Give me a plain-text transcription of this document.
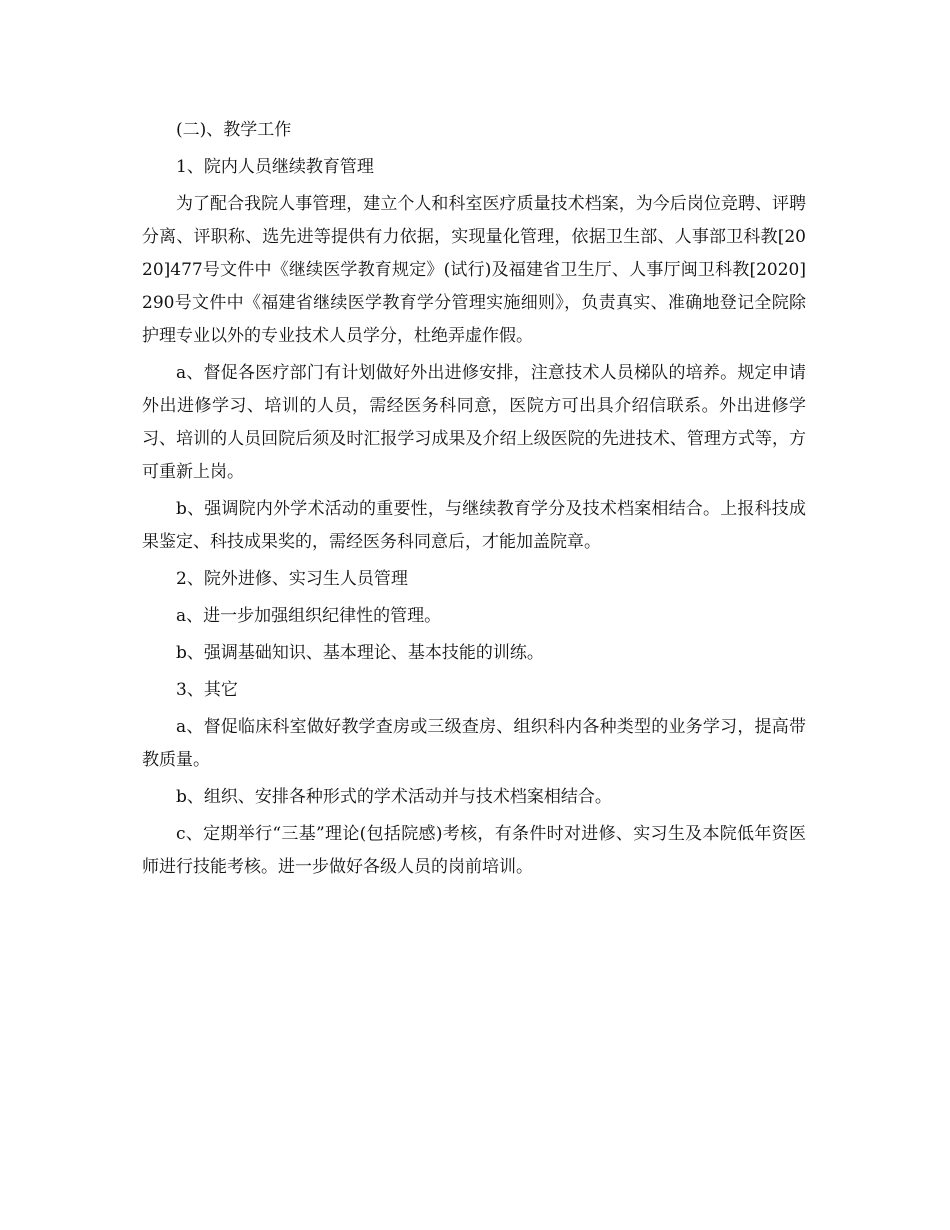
(二)、教学工作

1、院内人员继续教育管理

为了配合我院人事管理，建立个人和科室医疗质量技术档案，为今后岗位竞聘、评聘分离、评职称、选先进等提供有力依据，实现量化管理，依据卫生部、人事部卫科教[2020]477号文件中《继续医学教育规定》(试行)及福建省卫生厅、人事厅闽卫科教[2020]290号文件中《福建省继续医学教育学分管理实施细则》，负责真实、准确地登记全院除护理专业以外的专业技术人员学分，杜绝弄虚作假。

a、督促各医疗部门有计划做好外出进修安排，注意技术人员梯队的培养。规定申请外出进修学习、培训的人员，需经医务科同意，医院方可出具介绍信联系。外出进修学习、培训的人员回院后须及时汇报学习成果及介绍上级医院的先进技术、管理方式等，方可重新上岗。

b、强调院内外学术活动的重要性，与继续教育学分及技术档案相结合。上报科技成果鉴定、科技成果奖的，需经医务科同意后，才能加盖院章。

2、院外进修、实习生人员管理

a、进一步加强组织纪律性的管理。

b、强调基础知识、基本理论、基本技能的训练。

3、其它

a、督促临床科室做好教学查房或三级查房、组织科内各种类型的业务学习，提高带教质量。

b、组织、安排各种形式的学术活动并与技术档案相结合。

c、定期举行“三基”理论(包括院感)考核，有条件时对进修、实习生及本院低年资医师进行技能考核。进一步做好各级人员的岗前培训。
